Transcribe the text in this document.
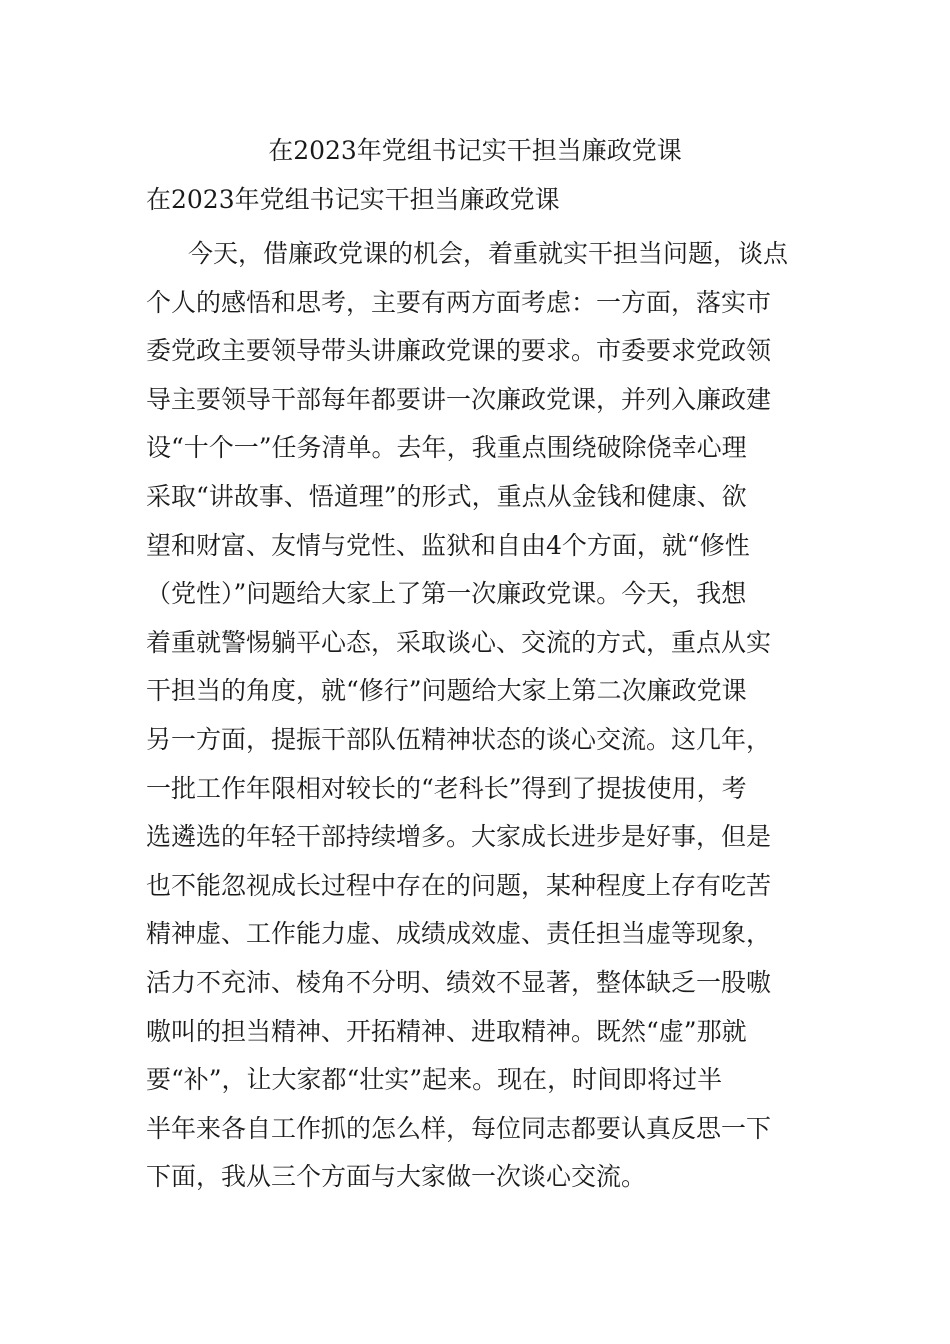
在2023年党组书记实干担当廉政党课
在2023年党组书记实干担当廉政党课
今天，借廉政党课的机会，着重就实干担当问题，谈点
个人的感悟和思考，主要有两方面考虑：一方面，落实市
委党政主要领导带头讲廉政党课的要求。市委要求党政领
导主要领导干部每年都要讲一次廉政党课，并列入廉政建
设“十个一”任务清单。去年，我重点围绕破除侥幸心理
采取“讲故事、悟道理”的形式，重点从金钱和健康、欲
望和财富、友情与党性、监狱和自由4个方面，就“修性
（党性）”问题给大家上了第一次廉政党课。今天，我想
着重就警惕躺平心态，采取谈心、交流的方式，重点从实
干担当的角度，就“修行”问题给大家上第二次廉政党课
另一方面，提振干部队伍精神状态的谈心交流。这几年，
一批工作年限相对较长的“老科长”得到了提拔使用，考
选遴选的年轻干部持续增多。大家成长进步是好事，但是
也不能忽视成长过程中存在的问题，某种程度上存有吃苦
精神虚、工作能力虚、成绩成效虚、责任担当虚等现象，
活力不充沛、棱角不分明、绩效不显著，整体缺乏一股嗷
嗷叫的担当精神、开拓精神、进取精神。既然“虚”那就
要“补”，让大家都“壮实”起来。现在，时间即将过半
半年来各自工作抓的怎么样，每位同志都要认真反思一下
下面，我从三个方面与大家做一次谈心交流。
